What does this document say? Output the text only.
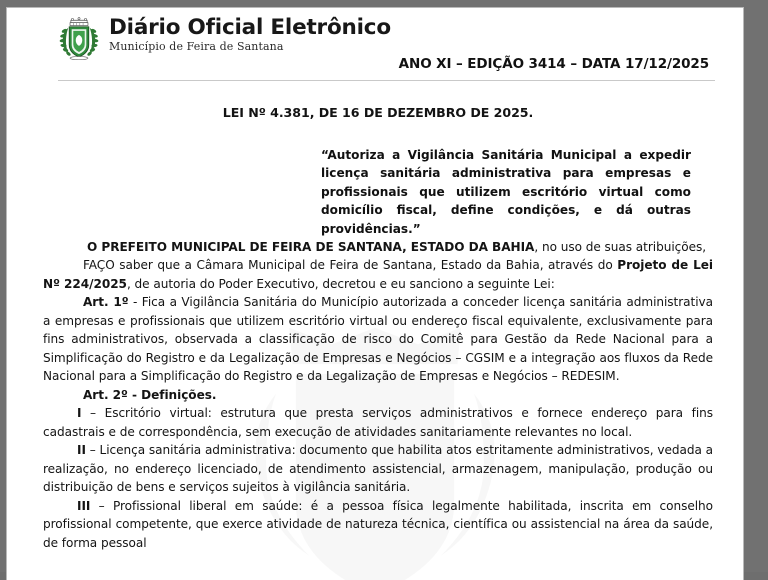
Diário Oficial Eletrônico
Município de Feira de Santana
ANO XI – EDIÇÃO 3414 – DATA 17/12/2025
LEI Nº 4.381, DE 16 DE DEZEMBRO DE 2025.
“Autoriza a Vigilância Sanitária Municipal a expedir licença sanitária administrativa para empresas e profissionais que utilizem escritório virtual como domicílio fiscal, define condições, e dá outras providências.”

O PREFEITO MUNICIPAL DE FEIRA DE SANTANA, ESTADO DA BAHIA, no uso de suas atribuições,

FAÇO saber que a Câmara Municipal de Feira de Santana, Estado da Bahia, através do Projeto de Lei Nº 224/2025, de autoria do Poder Executivo, decretou e eu sanciono a seguinte Lei:

Art. 1º - Fica a Vigilância Sanitária do Município autorizada a conceder licença sanitária administrativa a empresas e profissionais que utilizem escritório virtual ou endereço fiscal equivalente, exclusivamente para fins administrativos, observada a classificação de risco do Comitê para Gestão da Rede Nacional para a Simplificação do Registro e da Legalização de Empresas e Negócios – CGSIM e a integração aos fluxos da Rede Nacional para a Simplificação do Registro e da Legalização de Empresas e Negócios – REDESIM.

Art. 2º - Definições.

I – Escritório virtual: estrutura que presta serviços administrativos e fornece endereço para fins cadastrais e de correspondência, sem execução de atividades sanitariamente relevantes no local.

II – Licença sanitária administrativa: documento que habilita atos estritamente administrativos, vedada a realização, no endereço licenciado, de atendimento assistencial, armazenagem, manipulação, produção ou distribuição de bens e serviços sujeitos à vigilância sanitária.

III – Profissional liberal em saúde: é a pessoa física legalmente habilitada, inscrita em conselho profissional competente, que exerce atividade de natureza técnica, científica ou assistencial na área da saúde, de forma pessoal
